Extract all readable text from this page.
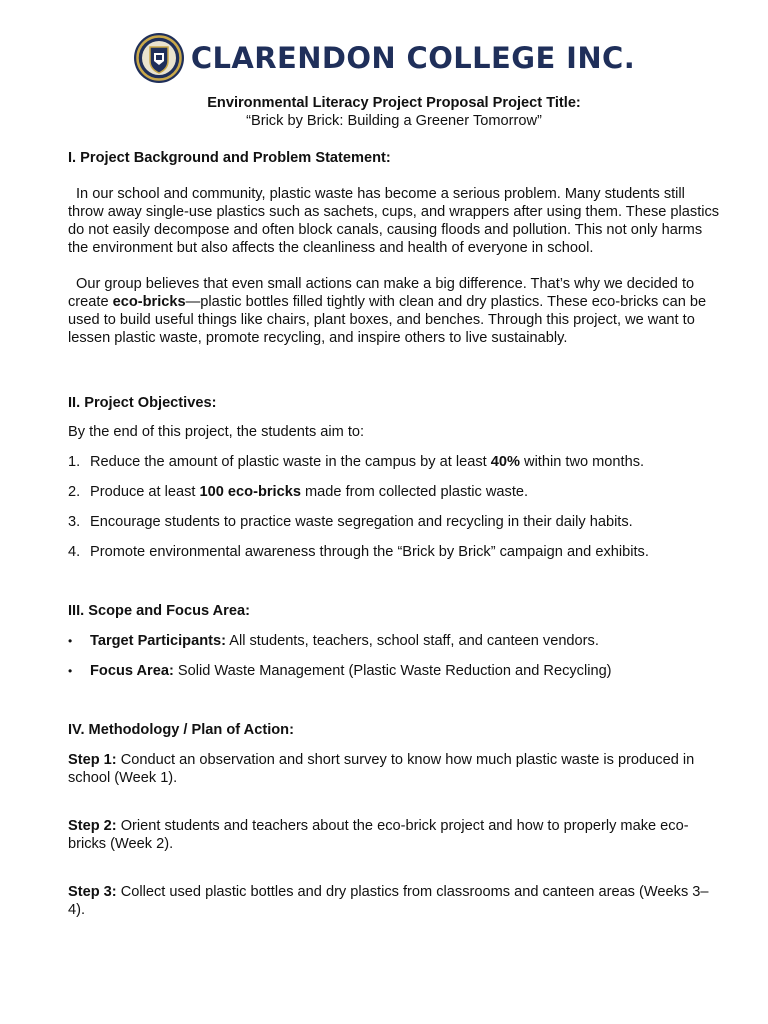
CLARENDON COLLEGE INC.

Environmental Literacy Project Proposal Project Title:

“Brick by Brick: Building a Greener Tomorrow”

I. Project Background and Problem Statement:

In our school and community, plastic waste has become a serious problem. Many students still throw away single-use plastics such as sachets, cups, and wrappers after using them. These plastics do not easily decompose and often block canals, causing floods and pollution. This not only harms the environment but also affects the cleanliness and health of everyone in school.

Our group believes that even small actions can make a big difference. That’s why we decided to create eco-bricks—plastic bottles filled tightly with clean and dry plastics. These eco-bricks can be used to build useful things like chairs, plant boxes, and benches. Through this project, we want to lessen plastic waste, promote recycling, and inspire others to live sustainably.

II. Project Objectives:

By the end of this project, the students aim to:

1. Reduce the amount of plastic waste in the campus by at least 40% within two months.
2. Produce at least 100 eco-bricks made from collected plastic waste.
3. Encourage students to practice waste segregation and recycling in their daily habits.
4. Promote environmental awareness through the “Brick by Brick” campaign and exhibits.

III. Scope and Focus Area:

• Target Participants: All students, teachers, school staff, and canteen vendors.
• Focus Area: Solid Waste Management (Plastic Waste Reduction and Recycling)

IV. Methodology / Plan of Action:

Step 1: Conduct an observation and short survey to know how much plastic waste is produced in school (Week 1).

Step 2: Orient students and teachers about the eco-brick project and how to properly make eco-bricks (Week 2).

Step 3: Collect used plastic bottles and dry plastics from classrooms and canteen areas (Weeks 3–4).
